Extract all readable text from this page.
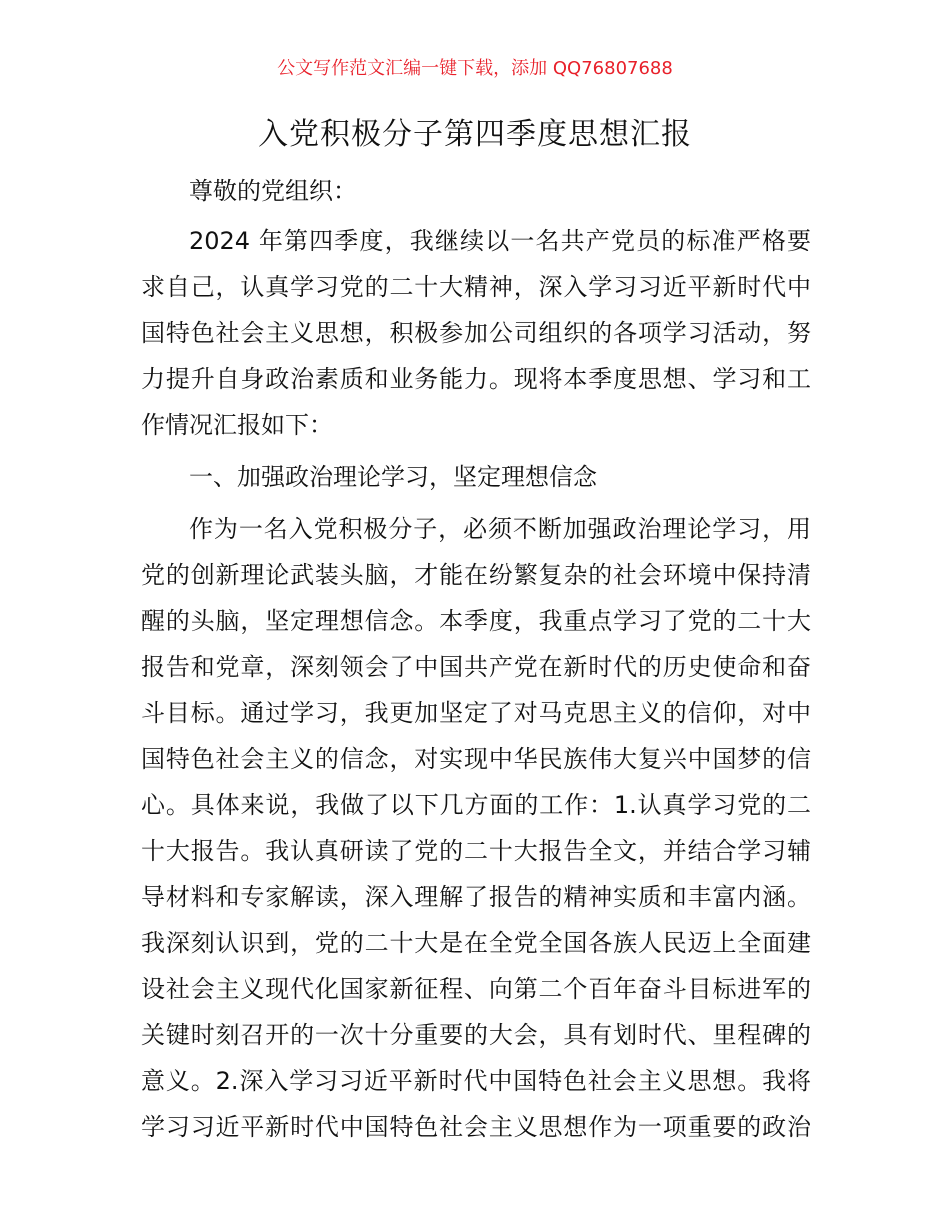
公文写作范文汇编一键下载，添加 QQ76807688
入党积极分子第四季度思想汇报
尊敬的党组织：
2024 年第四季度，我继续以一名共产党员的标准严格要
求自己，认真学习党的二十大精神，深入学习习近平新时代中
国特色社会主义思想，积极参加公司组织的各项学习活动，努
力提升自身政治素质和业务能力。现将本季度思想、学习和工
作情况汇报如下：
一、加强政治理论学习，坚定理想信念
作为一名入党积极分子，必须不断加强政治理论学习，用
党的创新理论武装头脑，才能在纷繁复杂的社会环境中保持清
醒的头脑，坚定理想信念。本季度，我重点学习了党的二十大
报告和党章，深刻领会了中国共产党在新时代的历史使命和奋
斗目标。通过学习，我更加坚定了对马克思主义的信仰，对中
国特色社会主义的信念，对实现中华民族伟大复兴中国梦的信
心。具体来说，我做了以下几方面的工作：1.认真学习党的二
十大报告。我认真研读了党的二十大报告全文，并结合学习辅
导材料和专家解读，深入理解了报告的精神实质和丰富内涵。
我深刻认识到，党的二十大是在全党全国各族人民迈上全面建
设社会主义现代化国家新征程、向第二个百年奋斗目标进军的
关键时刻召开的一次十分重要的大会，具有划时代、里程碑的
意义。2.深入学习习近平新时代中国特色社会主义思想。我将
学习习近平新时代中国特色社会主义思想作为一项重要的政治
